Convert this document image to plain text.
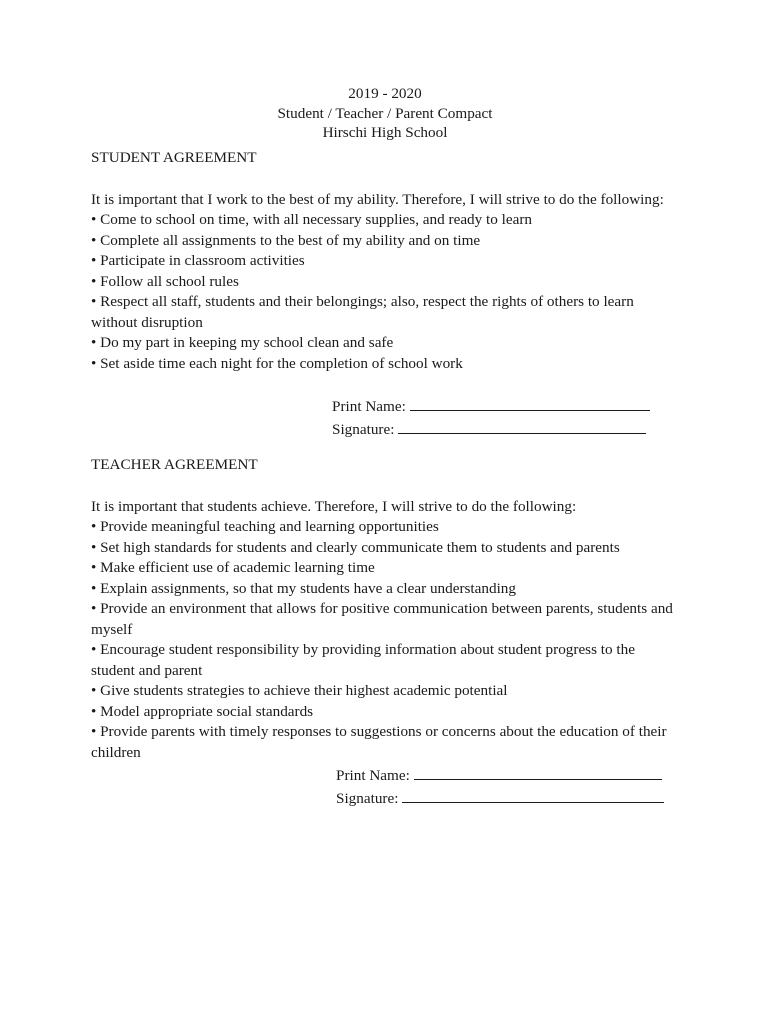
2019 - 2020
Student / Teacher / Parent Compact
Hirschi High School
STUDENT AGREEMENT
It is important that I work to the best of my ability. Therefore, I will strive to do the following:
• Come to school on time, with all necessary supplies, and ready to learn
• Complete all assignments to the best of my ability and on time
• Participate in classroom activities
• Follow all school rules
• Respect all staff, students and their belongings; also, respect the rights of others to learn without disruption
• Do my part in keeping my school clean and safe
• Set aside time each night for the completion of school work
Print Name:
Signature:
TEACHER AGREEMENT
It is important that students achieve. Therefore, I will strive to do the following:
• Provide meaningful teaching and learning opportunities
• Set high standards for students and clearly communicate them to students and parents
• Make efficient use of academic learning time
• Explain assignments, so that my students have a clear understanding
• Provide an environment that allows for positive communication between parents, students and myself
• Encourage student responsibility by providing information about student progress to the student and parent
• Give students strategies to achieve their highest academic potential
• Model appropriate social standards
• Provide parents with timely responses to suggestions or concerns about the education of their children
Print Name:
Signature:
